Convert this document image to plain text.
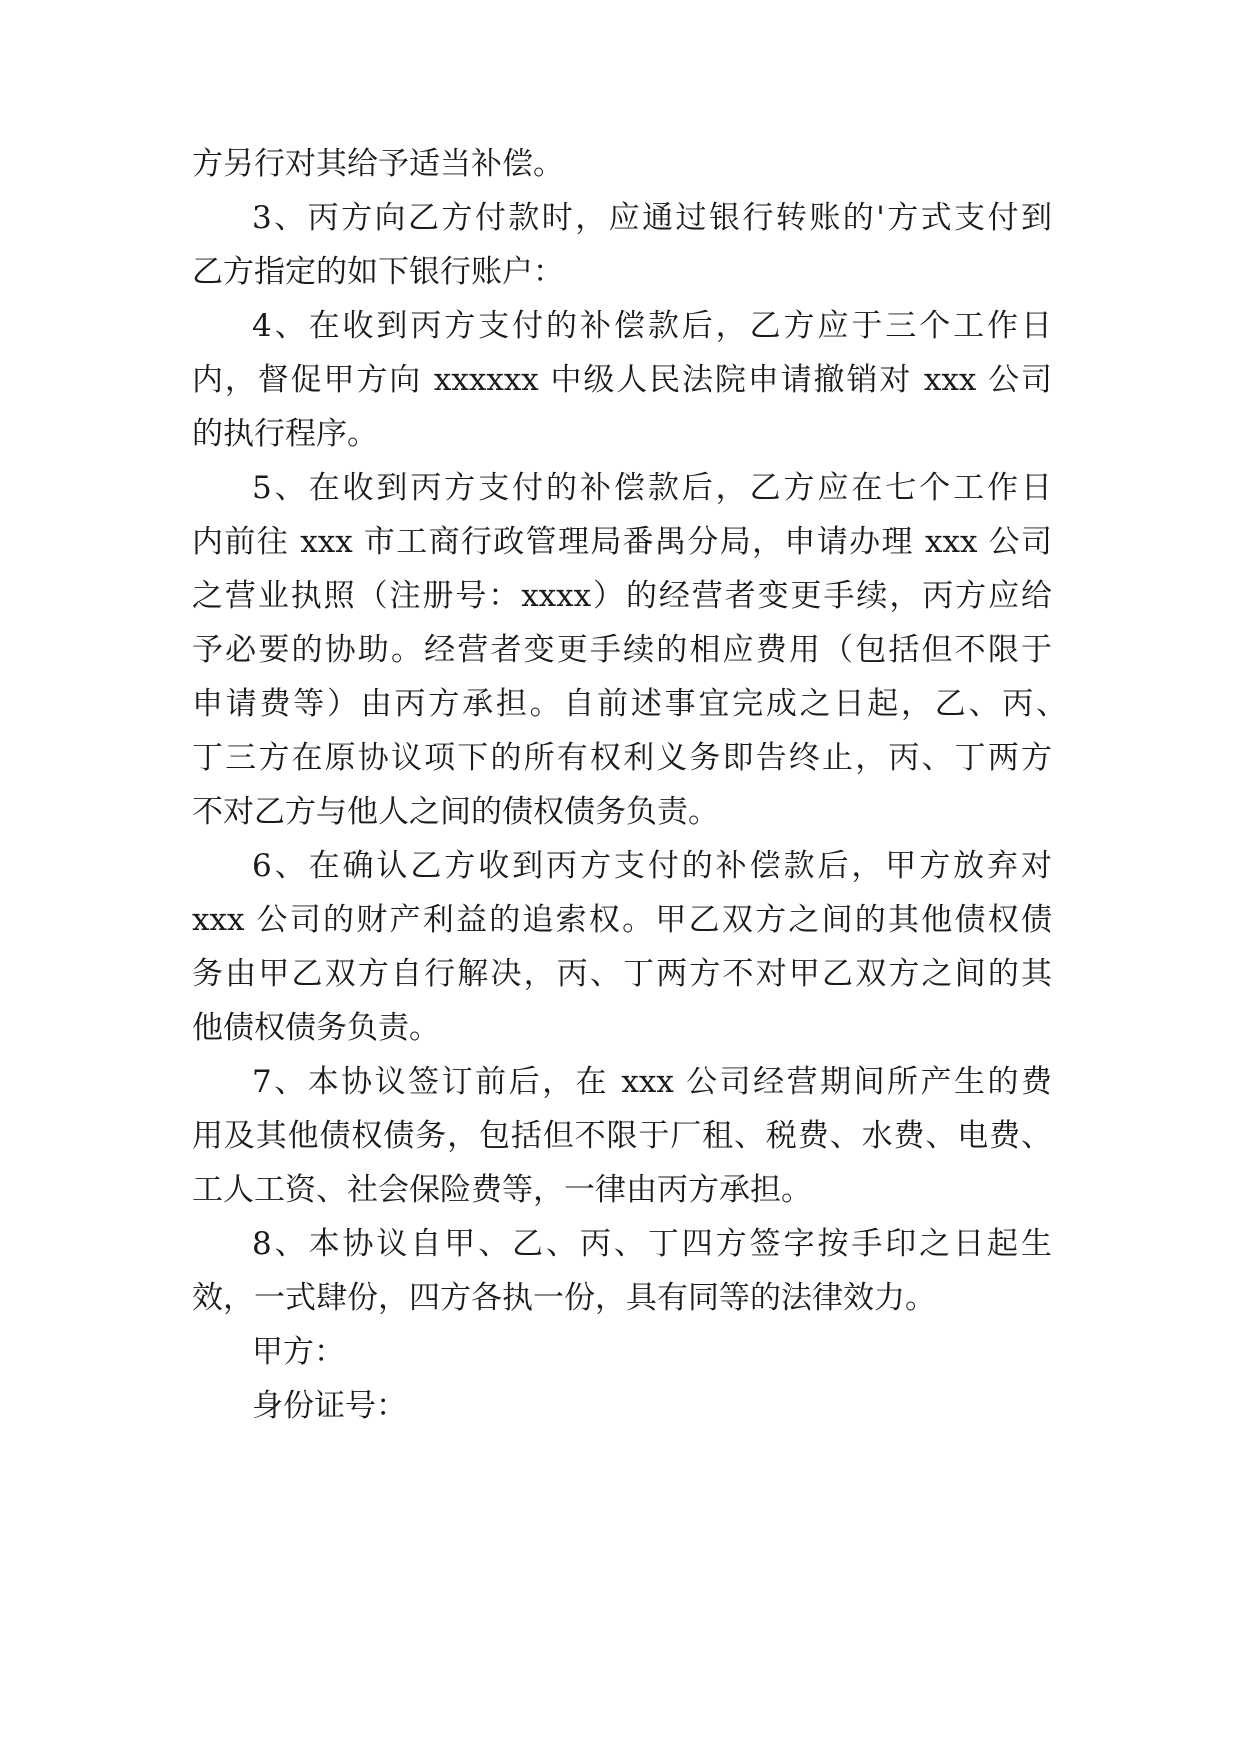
方另行对其给予适当补偿。
3、丙方向乙方付款时，应通过银行转账的'方式支付到
乙方指定的如下银行账户：
4、在收到丙方支付的补偿款后，乙方应于三个工作日
内，督促甲方向 xxxxxx 中级人民法院申请撤销对 xxx 公司
的执行程序。
5、在收到丙方支付的补偿款后，乙方应在七个工作日
内前往 xxx 市工商行政管理局番禺分局，申请办理 xxx 公司
之营业执照（注册号：xxxx）的经营者变更手续，丙方应给
予必要的协助。经营者变更手续的相应费用（包括但不限于
申请费等）由丙方承担。自前述事宜完成之日起，乙、丙、
丁三方在原协议项下的所有权利义务即告终止，丙、丁两方
不对乙方与他人之间的债权债务负责。
6、在确认乙方收到丙方支付的补偿款后，甲方放弃对
xxx 公司的财产利益的追索权。甲乙双方之间的其他债权债
务由甲乙双方自行解决，丙、丁两方不对甲乙双方之间的其
他债权债务负责。
7、本协议签订前后，在 xxx 公司经营期间所产生的费
用及其他债权债务，包括但不限于厂租、税费、水费、电费、
工人工资、社会保险费等，一律由丙方承担。
8、本协议自甲、乙、丙、丁四方签字按手印之日起生
效，一式肆份，四方各执一份，具有同等的法律效力。
甲方：
身份证号：
